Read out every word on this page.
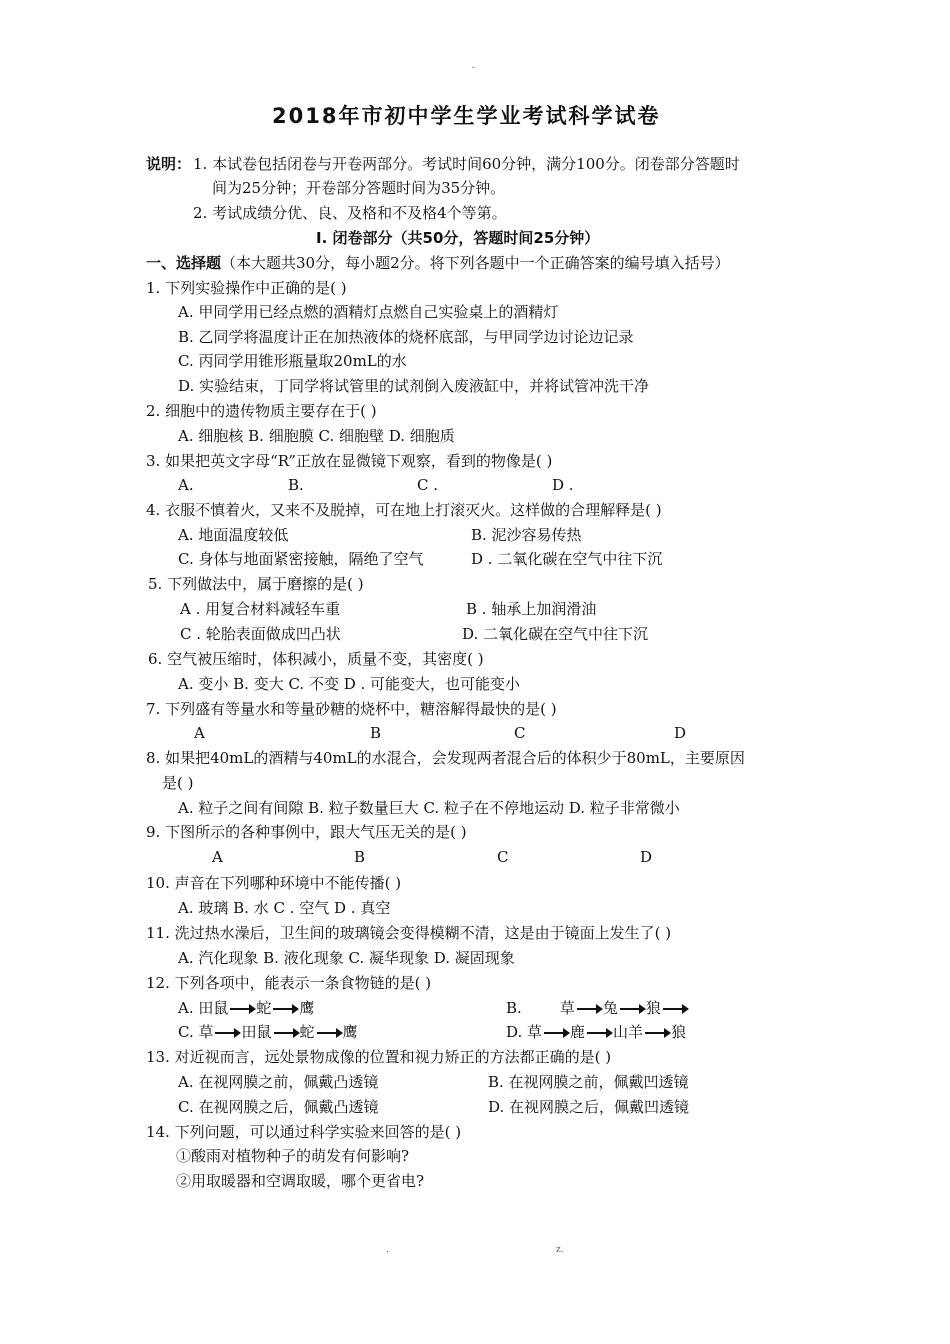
-
2018年市初中学生学业考试科学试卷
说明： 1. 本试卷包括闭卷与开卷两部分。考试时间60分钟，满分100分。闭卷部分答题时
间为25分钟；开卷部分答题时间为35分钟。
2. 考试成绩分优、良、及格和不及格4个等第。
Ⅰ. 闭卷部分（共50分，答题时间25分钟）
一、选择题（本大题共30分，每小题2分。将下列各题中一个正确答案的编号填入括号）
1. 下列实验操作中正确的是( )
A. 甲同学用已经点燃的酒精灯点燃自己实验桌上的酒精灯
B. 乙同学将温度计正在加热液体的烧杯底部，与甲同学边讨论边记录
C. 丙同学用锥形瓶量取20mL的水
D. 实验结束，丁同学将试管里的试剂倒入废液缸中，并将试管冲洗干净
2. 细胞中的遗传物质主要存在于( )
A. 细胞核 B. 细胞膜 C. 细胞壁 D. 细胞质
3. 如果把英文字母“R”正放在显微镜下观察，看到的物像是( )
A.	B.	C .	D .
4. 衣服不慎着火，又来不及脱掉，可在地上打滚灭火。这样做的合理解释是( )
A. 地面温度较低	B. 泥沙容易传热
C. 身体与地面紧密接触，隔绝了空气	D . 二氧化碳在空气中往下沉
5. 下列做法中，属于磨擦的是( )
A . 用复合材料减轻车重	B . 轴承上加润滑油
C . 轮胎表面做成凹凸状	D. 二氧化碳在空气中往下沉
6. 空气被压缩时，体积减小，质量不变，其密度( )
A. 变小 B. 变大 C. 不变 D . 可能变大，也可能变小
7. 下列盛有等量水和等量砂糖的烧杯中，糖溶解得最快的是( )
A	B	C	D
8. 如果把40mL的酒精与40mL的水混合，会发现两者混合后的体积少于80mL，主要原因
是( )
A. 粒子之间有间隙 B. 粒子数量巨大 C. 粒子在不停地运动 D. 粒子非常微小
9. 下图所示的各种事例中，跟大气压无关的是( )
A	B	C	D
10. 声音在下列哪种环境中不能传播( )
A. 玻璃 B. 水 C . 空气 D . 真空
11. 洗过热水澡后，卫生间的玻璃镜会变得模糊不清，这是由于镜面上发生了( )
A. 汽化现象 B. 液化现象 C. 凝华现象 D. 凝固现象
12. 下列各项中，能表示一条食物链的是( )
A. 田鼠 蛇 鹰	B.	草 兔 狼
C. 草 田鼠 蛇 鹰	D. 草 鹿 山羊 狼
13. 对近视而言，远处景物成像的位置和视力矫正的方法都正确的是( )
A. 在视网膜之前，佩戴凸透镜	B. 在视网膜之前，佩戴凹透镜
C. 在视网膜之后，佩戴凸透镜	D. 在视网膜之后，佩戴凹透镜
14. 下列问题，可以通过科学实验来回答的是( )
①酸雨对植物种子的萌发有何影响?
②用取暖器和空调取暖，哪个更省电?
.	z.
